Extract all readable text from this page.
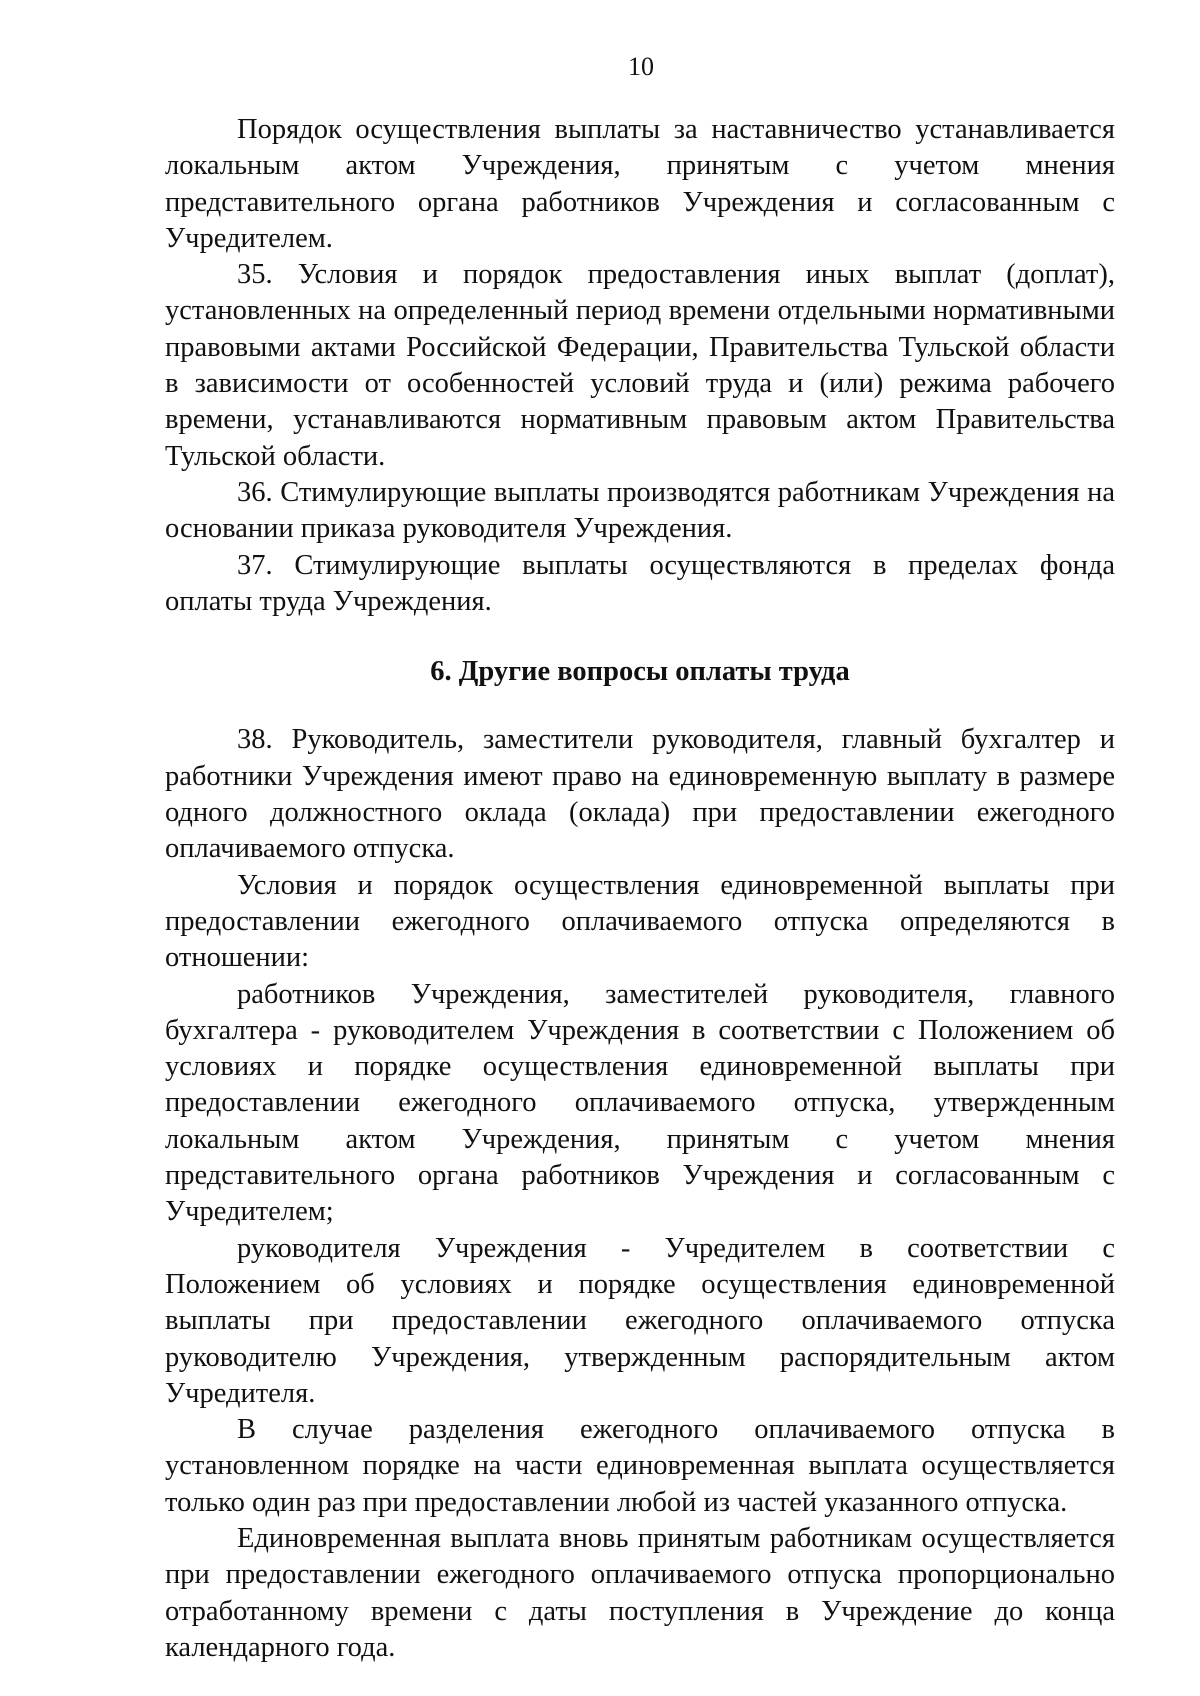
10

Порядок осуществления выплаты за наставничество устанавливается локальным актом Учреждения, принятым с учетом мнения представительного органа работников Учреждения и согласованным с Учредителем.

35. Условия и порядок предоставления иных выплат (доплат), установленных на определенный период времени отдельными нормативными правовыми актами Российской Федерации, Правительства Тульской области в зависимости от особенностей условий труда и (или) режима рабочего времени, устанавливаются нормативным правовым актом Правительства Тульской области.

36. Стимулирующие выплаты производятся работникам Учреждения на основании приказа руководителя Учреждения.

37. Стимулирующие выплаты осуществляются в пределах фонда оплаты труда Учреждения.

6. Другие вопросы оплаты труда

38. Руководитель, заместители руководителя, главный бухгалтер и работники Учреждения имеют право на единовременную выплату в размере одного должностного оклада (оклада) при предоставлении ежегодного оплачиваемого отпуска.

Условия и порядок осуществления единовременной выплаты при предоставлении ежегодного оплачиваемого отпуска определяются в отношении:

работников Учреждения, заместителей руководителя, главного бухгалтера - руководителем Учреждения в соответствии с Положением об условиях и порядке осуществления единовременной выплаты при предоставлении ежегодного оплачиваемого отпуска, утвержденным локальным актом Учреждения, принятым с учетом мнения представительного органа работников Учреждения и согласованным с Учредителем;

руководителя Учреждения - Учредителем в соответствии с Положением об условиях и порядке осуществления единовременной выплаты при предоставлении ежегодного оплачиваемого отпуска руководителю Учреждения, утвержденным распорядительным актом Учредителя.

В случае разделения ежегодного оплачиваемого отпуска в установленном порядке на части единовременная выплата осуществляется только один раз при предоставлении любой из частей указанного отпуска.

Единовременная выплата вновь принятым работникам осуществляется при предоставлении ежегодного оплачиваемого отпуска пропорционально отработанному времени с даты поступления в Учреждение до конца календарного года.
